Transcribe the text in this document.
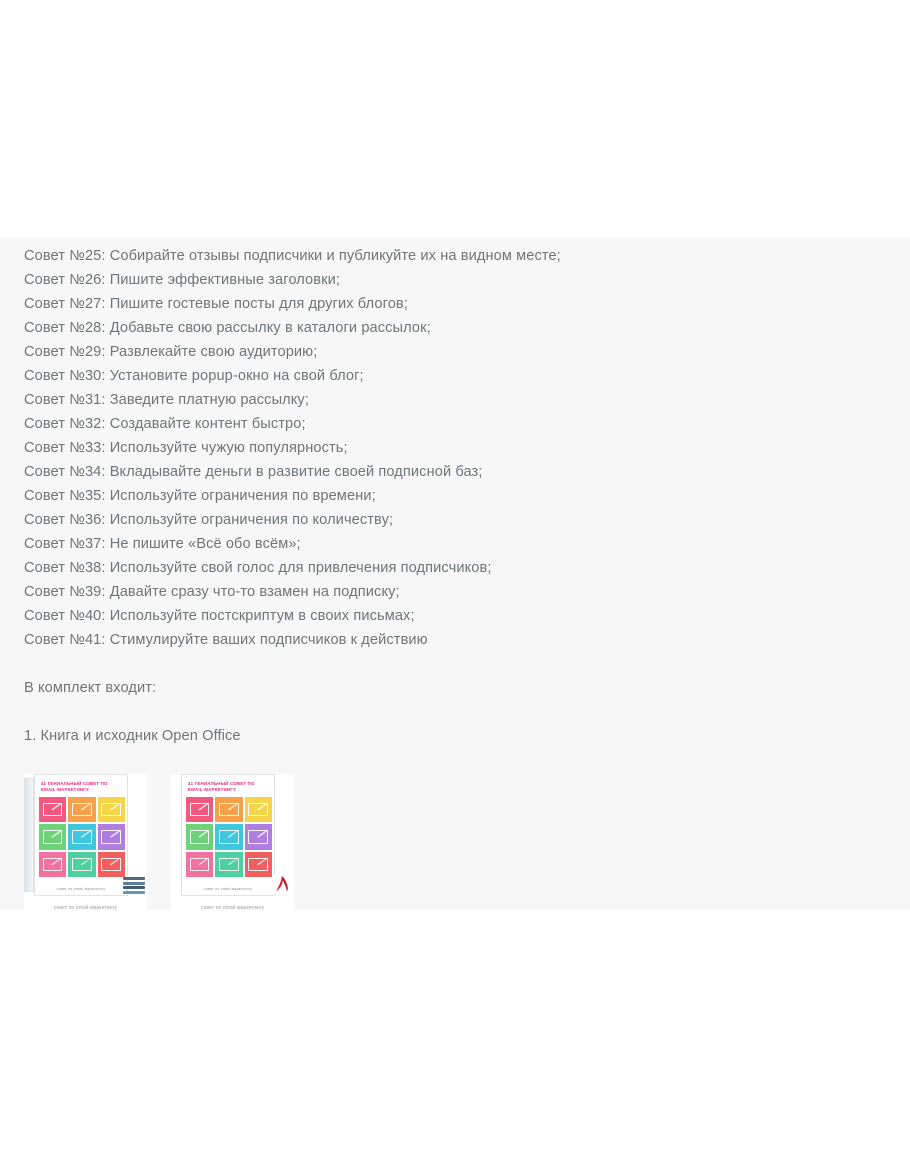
Совет №25: Собирайте отзывы подписчики и публикуйте их на видном месте;
Совет №26: Пишите эффективные заголовки;
Совет №27: Пишите гостевые посты для других блогов;
Совет №28: Добавьте свою рассылку в каталоги рассылок;
Совет №29: Развлекайте свою аудиторию;
Совет №30: Установите popup-окно на свой блог;
Совет №31: Заведите платную рассылку;
Совет №32: Создавайте контент быстро;
Совет №33: Используйте чужую популярность;
Совет №34: Вкладывайте деньги в развитие своей подписной баз;
Совет №35: Используйте ограничения по времени;
Совет №36: Используйте ограничения по количеству;
Совет №37: Не пишите «Всё обо всём»;
Совет №38: Используйте свой голос для привлечения подписчиков;
Совет №39: Давайте сразу что-то взамен на подписку;
Совет №40: Используйте постскриптум в своих письмах;
Совет №41: Стимулируйте ваших подписчиков к действию
В комплект входит:
1. Книга и исходник Open Office
41 ГЕНИАЛЬНЫЙ СОВЕТ ПО EMAIL-МАРКЕТИНГУ
совет по email-маркетингу
совет по email-маркетингу
41 ГЕНИАЛЬНЫЙ СОВЕТ ПО EMAIL-МАРКЕТИНГУ
совет по email-маркетингу
совет по email-маркетингу
